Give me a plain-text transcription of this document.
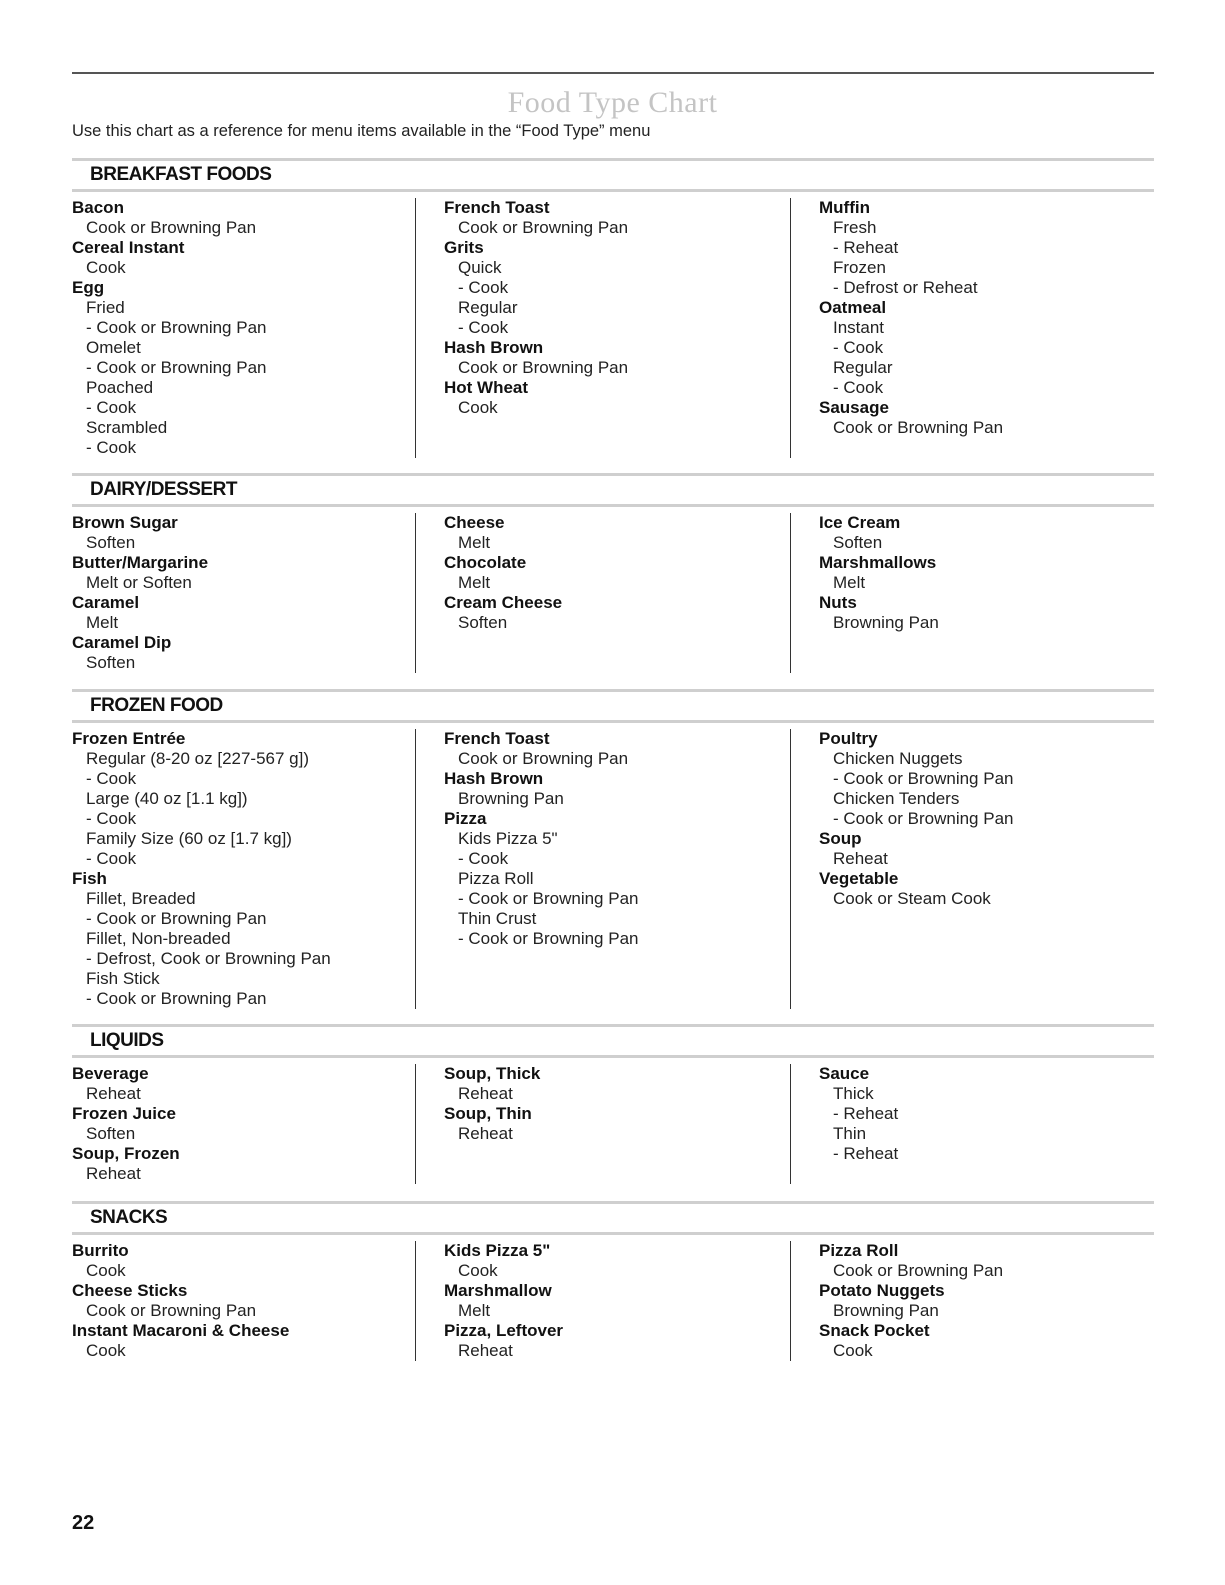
Food Type Chart
Use this chart as a reference for menu items available in the “Food Type” menu
BREAKFAST FOODS
Bacon
Cook or Browning Pan
Cereal Instant
Cook
Egg
Fried
- Cook or Browning Pan
Omelet
- Cook or Browning Pan
Poached
- Cook
Scrambled
- Cook
French Toast
Cook or Browning Pan
Grits
Quick
- Cook
Regular
- Cook
Hash Brown
Cook or Browning Pan
Hot Wheat
Cook
Muffin
Fresh
- Reheat
Frozen
- Defrost or Reheat
Oatmeal
Instant
- Cook
Regular
- Cook
Sausage
Cook or Browning Pan
DAIRY/DESSERT
Brown Sugar
Soften
Butter/Margarine
Melt or Soften
Caramel
Melt
Caramel Dip
Soften
Cheese
Melt
Chocolate
Melt
Cream Cheese
Soften
Ice Cream
Soften
Marshmallows
Melt
Nuts
Browning Pan
FROZEN FOOD
Frozen Entrée
Regular (8-20 oz [227-567 g])
- Cook
Large (40 oz [1.1 kg])
- Cook
Family Size (60 oz [1.7 kg])
- Cook
Fish
Fillet, Breaded
- Cook or Browning Pan
Fillet, Non-breaded
- Defrost, Cook or Browning Pan
Fish Stick
- Cook or Browning Pan
French Toast
Cook or Browning Pan
Hash Brown
Browning Pan
Pizza
Kids Pizza 5"
- Cook
Pizza Roll
- Cook or Browning Pan
Thin Crust
- Cook or Browning Pan
Poultry
Chicken Nuggets
- Cook or Browning Pan
Chicken Tenders
- Cook or Browning Pan
Soup
Reheat
Vegetable
Cook or Steam Cook
LIQUIDS
Beverage
Reheat
Frozen Juice
Soften
Soup, Frozen
Reheat
Soup, Thick
Reheat
Soup, Thin
Reheat
Sauce
Thick
- Reheat
Thin
- Reheat
SNACKS
Burrito
Cook
Cheese Sticks
Cook or Browning Pan
Instant Macaroni & Cheese
Cook
Kids Pizza 5"
Cook
Marshmallow
Melt
Pizza, Leftover
Reheat
Pizza Roll
Cook or Browning Pan
Potato Nuggets
Browning Pan
Snack Pocket
Cook
22
